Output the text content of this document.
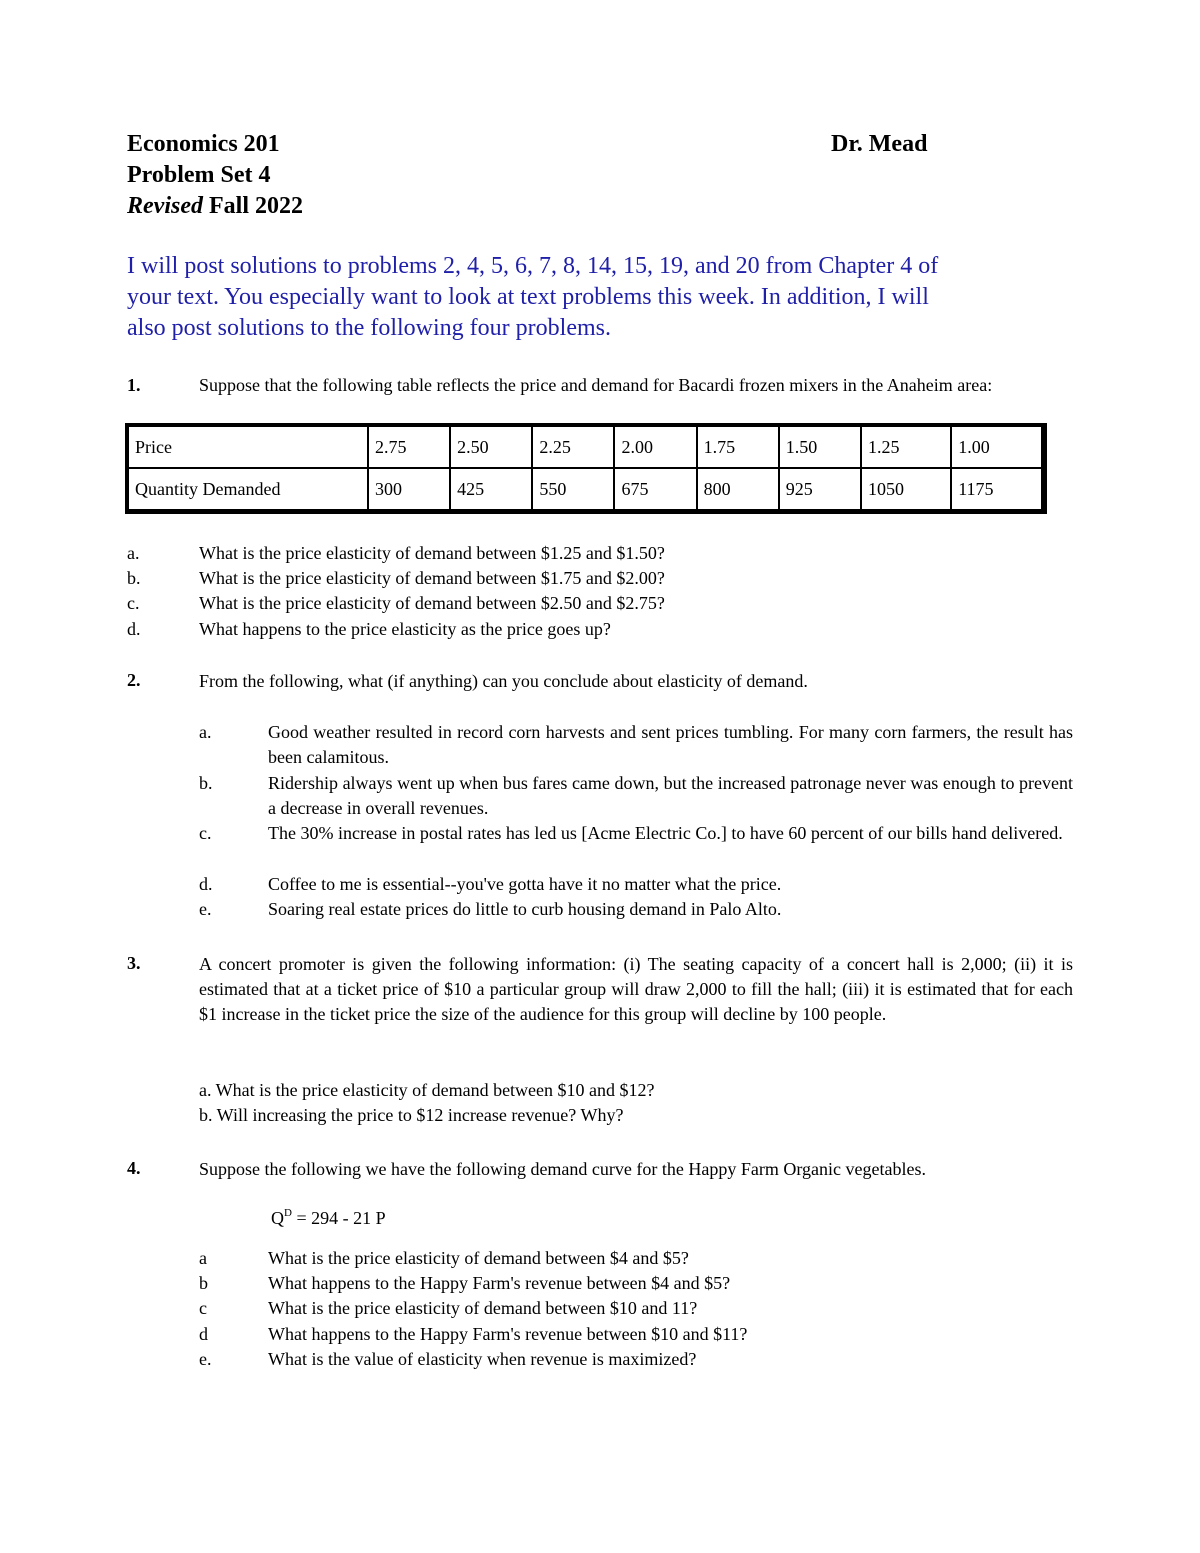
Economics 201	Dr. Mead
Problem Set 4
Revised Fall 2022
I will post solutions to problems 2, 4, 5, 6, 7, 8, 14, 15, 19, and 20 from Chapter 4 of
your text. You especially want to look at text problems this week. In addition, I will
also post solutions to the following four problems.
1.	Suppose that the following table reflects the price and demand for Bacardi frozen mixers in the Anaheim area:
Price	2.75	2.50	2.25	2.00	1.75	1.50	1.25	1.00
Quantity Demanded	300	425	550	675	800	925	1050	1175
a.	What is the price elasticity of demand between $1.25 and $1.50?
b.	What is the price elasticity of demand between $1.75 and $2.00?
c.	What is the price elasticity of demand between $2.50 and $2.75?
d.	What happens to the price elasticity as the price goes up?
2.	From the following, what (if anything) can you conclude about elasticity of demand.
a.	Good weather resulted in record corn harvests and sent prices tumbling. For many corn farmers, the result has been calamitous.
b.	Ridership always went up when bus fares came down, but the increased patronage never was enough to prevent a decrease in overall revenues.
c.	The 30% increase in postal rates has led us [Acme Electric Co.] to have 60 percent of our bills hand delivered.
d.	Coffee to me is essential--you've gotta have it no matter what the price.
e.	Soaring real estate prices do little to curb housing demand in Palo Alto.
3.	A concert promoter is given the following information: (i) The seating capacity of a concert hall is 2,000; (ii) it is estimated that at a ticket price of $10 a particular group will draw 2,000 to fill the hall; (iii) it is estimated that for each $1 increase in the ticket price the size of the audience for this group will decline by 100 people.
a. What is the price elasticity of demand between $10 and $12?
b. Will increasing the price to $12 increase revenue? Why?
4.	Suppose the following we have the following demand curve for the Happy Farm Organic vegetables.
$Q^D = 294 - 21$ P
a	What is the price elasticity of demand between $4 and $5?
b	What happens to the Happy Farm's revenue between $4 and $5?
c	What is the price elasticity of demand between $10 and 11?
d	What happens to the Happy Farm's revenue between $10 and $11?
e.	What is the value of elasticity when revenue is maximized?
